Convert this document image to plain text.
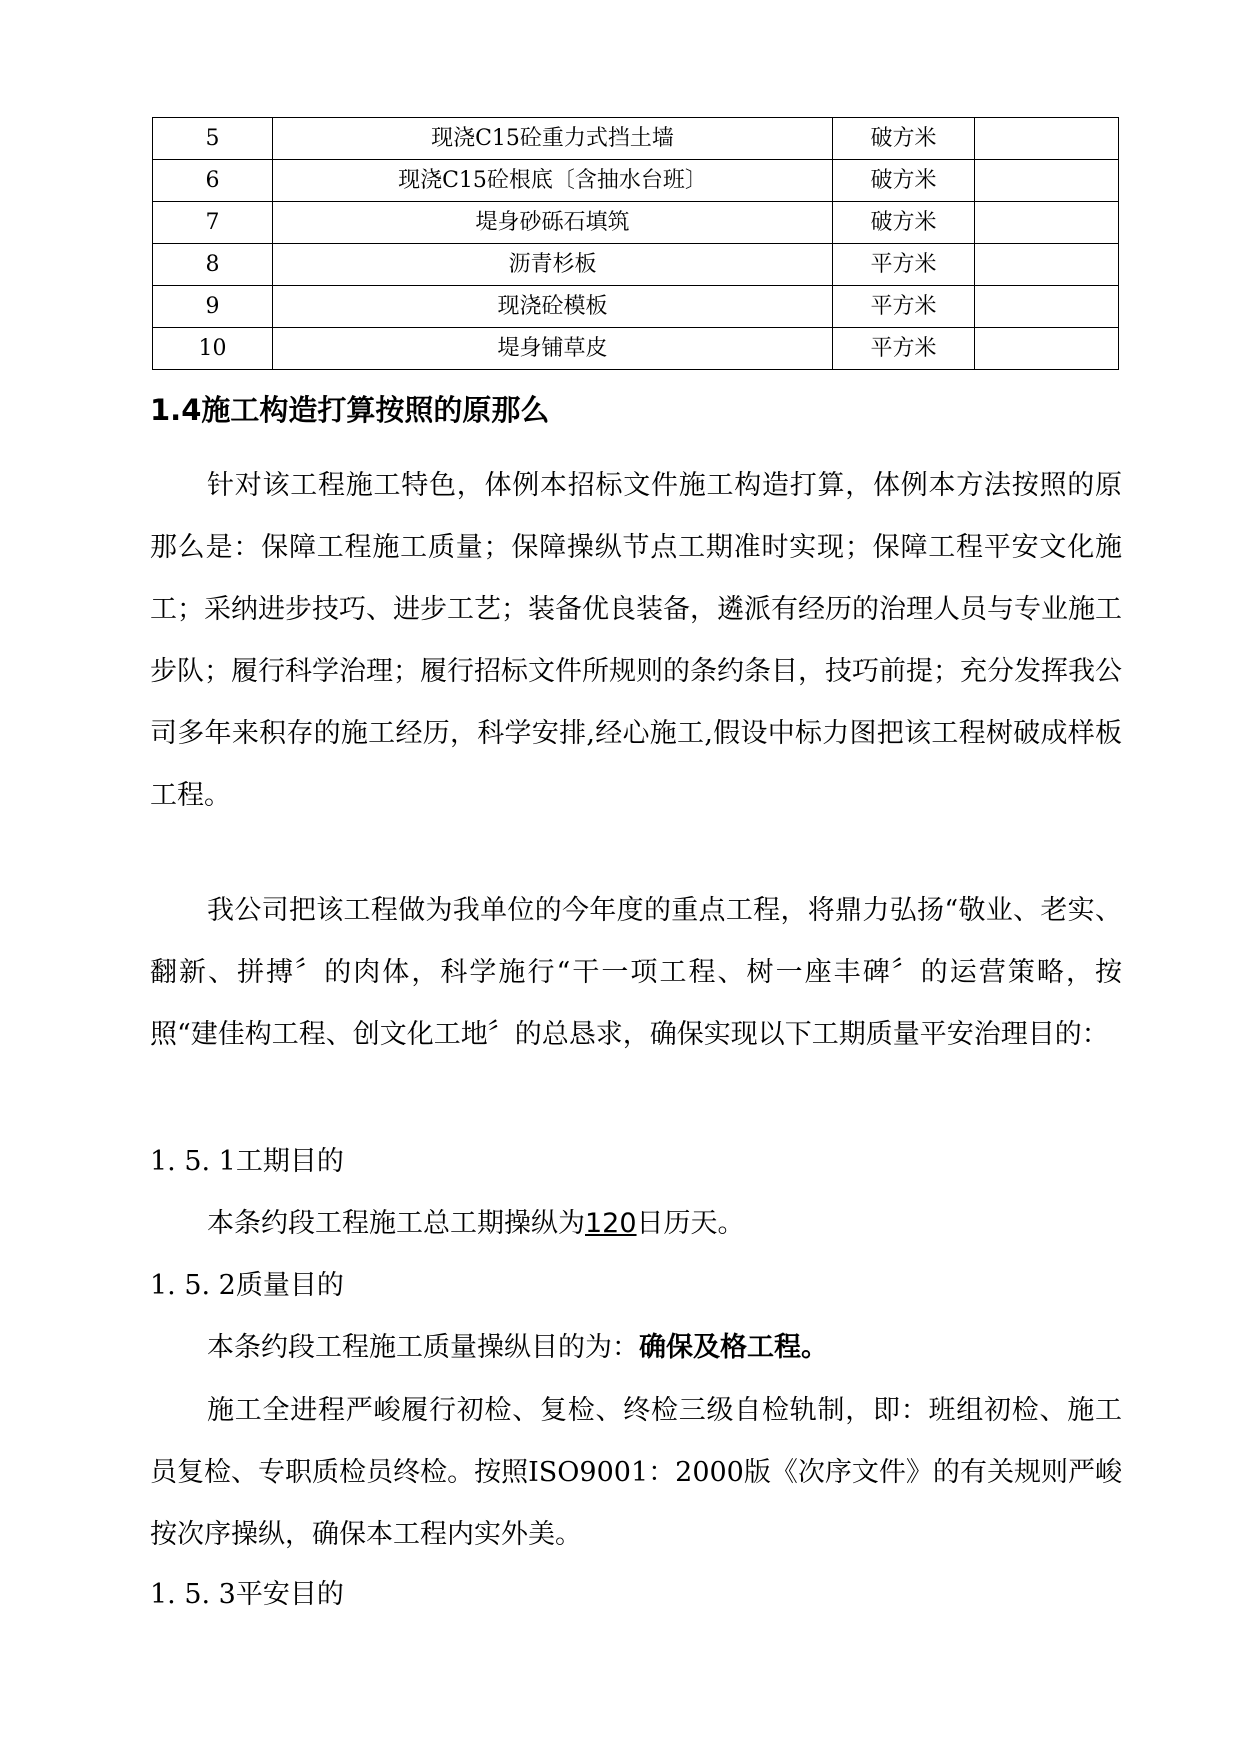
5	现浇C15砼重力式挡土墙	破方米	
6	现浇C15砼根底〔含抽水台班〕	破方米	
7	堤身砂砾石填筑	破方米	
8	沥青杉板	平方米	
9	现浇砼模板	平方米	
10	堤身铺草皮	平方米	
1.4施工构造打算按照的原那么

针对该工程施工特色，体例本招标文件施工构造打算，体例本方法按照的原那么是：保障工程施工质量；保障操纵节点工期准时实现；保障工程平安文化施工；采纳进步技巧、进步工艺；装备优良装备，遴派有经历的治理人员与专业施工步队；履行科学治理；履行招标文件所规则的条约条目，技巧前提；充分发挥我公司多年来积存的施工经历，科学安排,经心施工,假设中标力图把该工程树破成样板工程。

我公司把该工程做为我单位的今年度的重点工程，将鼎力弘扬“敬业、老实、翻新、拼搏〞的肉体，科学施行“干一项工程、树一座丰碑〞的运营策略，按照“建佳构工程、创文化工地〞的总恳求，确保实现以下工期质量平安治理目的：

1. 5. 1工期目的
本条约段工程施工总工期操纵为120日历天。
1. 5. 2质量目的
本条约段工程施工质量操纵目的为：确保及格工程。

施工全进程严峻履行初检、复检、终检三级自检轨制，即：班组初检、施工员复检、专职质检员终检。按照ISO9001：2000版《次序文件》的有关规则严峻按次序操纵，确保本工程内实外美。

1. 5. 3平安目的
